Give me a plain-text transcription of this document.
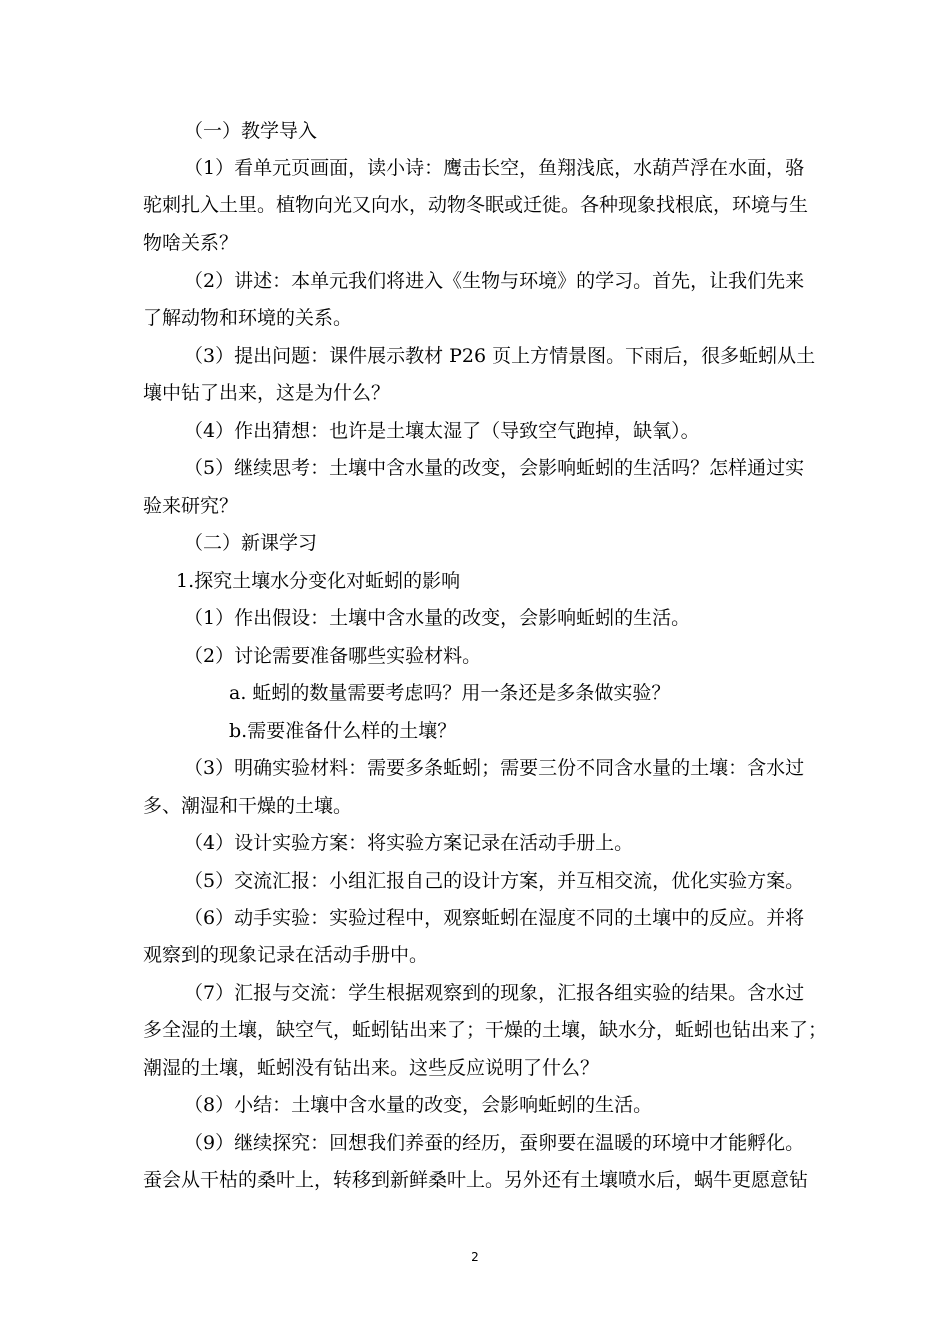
（一）教学导入
（1）看单元页画面，读小诗：鹰击长空，鱼翔浅底，水葫芦浮在水面，骆
驼刺扎入土里。植物向光又向水，动物冬眠或迁徙。各种现象找根底，环境与生
物啥关系？
（2）讲述：本单元我们将进入《生物与环境》的学习。首先，让我们先来
了解动物和环境的关系。
（3）提出问题：课件展示教材 P26 页上方情景图。下雨后，很多蚯蚓从土
壤中钻了出来，这是为什么？
（4）作出猜想：也许是土壤太湿了（导致空气跑掉，缺氧）。
（5）继续思考：土壤中含水量的改变，会影响蚯蚓的生活吗？怎样通过实
验来研究？
（二）新课学习
1.探究土壤水分变化对蚯蚓的影响
（1）作出假设：土壤中含水量的改变，会影响蚯蚓的生活。
（2）讨论需要准备哪些实验材料。
a. 蚯蚓的数量需要考虑吗？用一条还是多条做实验？
b.需要准备什么样的土壤？
（3）明确实验材料：需要多条蚯蚓；需要三份不同含水量的土壤：含水过
多、潮湿和干燥的土壤。
（4）设计实验方案：将实验方案记录在活动手册上。
（5）交流汇报：小组汇报自己的设计方案，并互相交流，优化实验方案。
（6）动手实验：实验过程中，观察蚯蚓在湿度不同的土壤中的反应。并将
观察到的现象记录在活动手册中。
（7）汇报与交流：学生根据观察到的现象，汇报各组实验的结果。含水过
多全湿的土壤，缺空气，蚯蚓钻出来了；干燥的土壤，缺水分，蚯蚓也钻出来了；
潮湿的土壤，蚯蚓没有钻出来。这些反应说明了什么？
（8）小结：土壤中含水量的改变，会影响蚯蚓的生活。
（9）继续探究：回想我们养蚕的经历，蚕卵要在温暖的环境中才能孵化。
蚕会从干枯的桑叶上，转移到新鲜桑叶上。另外还有土壤喷水后，蜗牛更愿意钻
2
